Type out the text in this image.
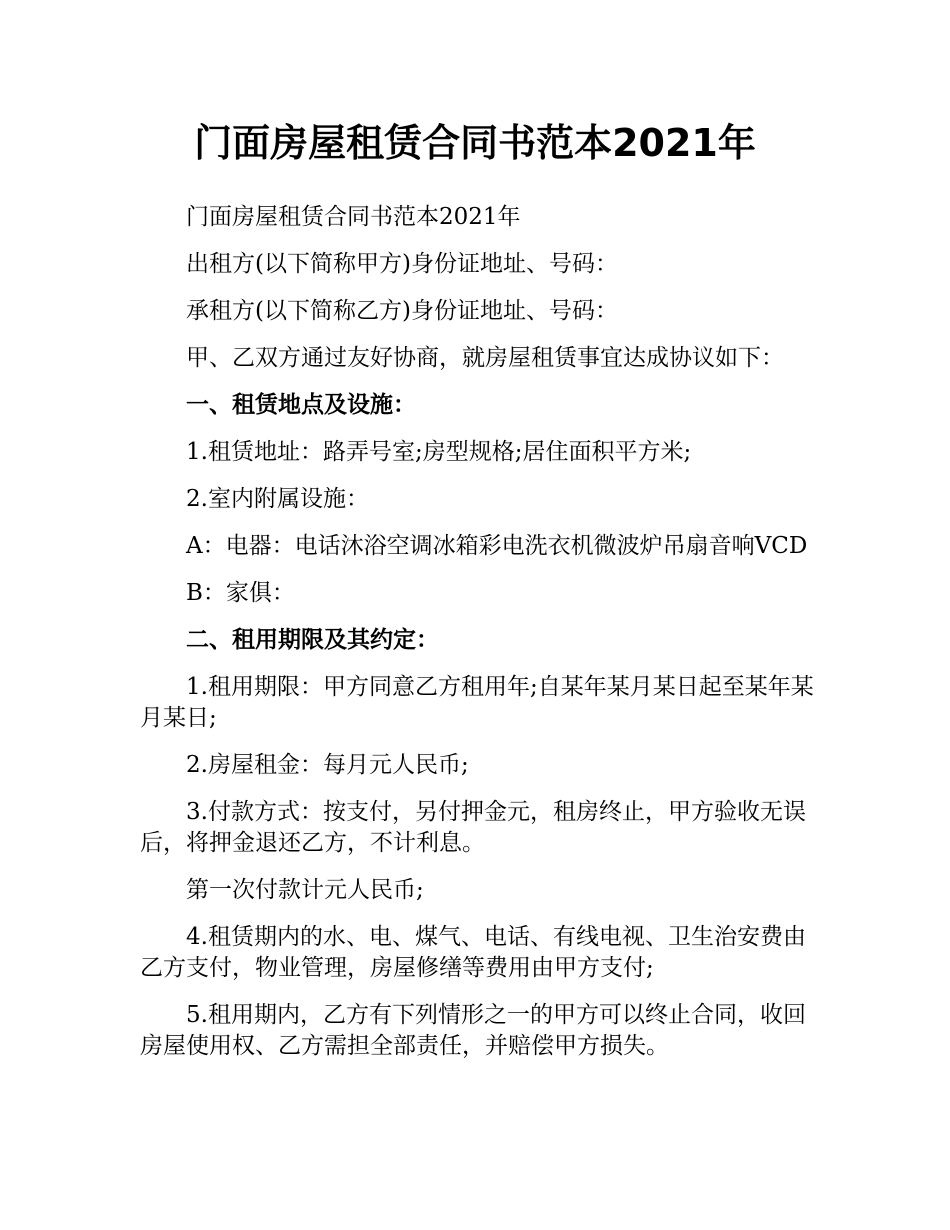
门面房屋租赁合同书范本2021年

门面房屋租赁合同书范本2021年

出租方(以下简称甲方)身份证地址、号码：

承租方(以下简称乙方)身份证地址、号码：

甲、乙双方通过友好协商，就房屋租赁事宜达成协议如下：

一、租赁地点及设施：

1.租赁地址：路弄号室;房型规格;居住面积平方米;

2.室内附属设施：

A：电器：电话沐浴空调冰箱彩电洗衣机微波炉吊扇音响VCD

B：家俱：

二、租用期限及其约定：

1.租用期限：甲方同意乙方租用年;自某年某月某日起至某年某月某日;

2.房屋租金：每月元人民币;

3.付款方式：按支付，另付押金元，租房终止，甲方验收无误后，将押金退还乙方，不计利息。

第一次付款计元人民币;

4.租赁期内的水、电、煤气、电话、有线电视、卫生治安费由乙方支付，物业管理，房屋修缮等费用由甲方支付;

5.租用期内，乙方有下列情形之一的甲方可以终止合同，收回房屋使用权、乙方需担全部责任，并赔偿甲方损失。
